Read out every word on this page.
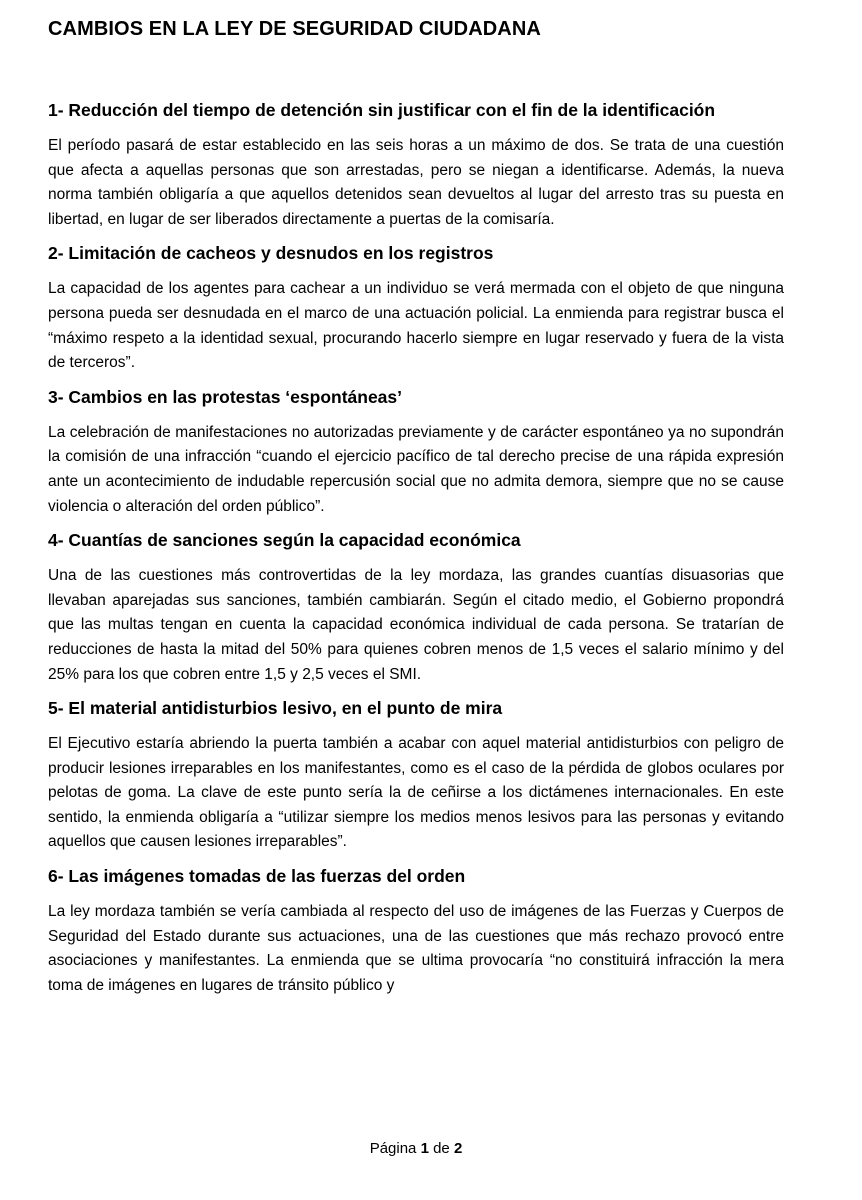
CAMBIOS EN LA LEY DE SEGURIDAD CIUDADANA
1- Reducción del tiempo de detención sin justificar con el fin de la identificación

El período pasará de estar establecido en las seis horas a un máximo de dos. Se trata de una cuestión que afecta a aquellas personas que son arrestadas, pero se niegan a identificarse. Además, la nueva norma también obligaría a que aquellos detenidos sean devueltos al lugar del arresto tras su puesta en libertad, en lugar de ser liberados directamente a puertas de la comisaría.

2- Limitación de cacheos y desnudos en los registros

La capacidad de los agentes para cachear a un individuo se verá mermada con el objeto de que ninguna persona pueda ser desnudada en el marco de una actuación policial. La enmienda para registrar busca el “máximo respeto a la identidad sexual, procurando hacerlo siempre en lugar reservado y fuera de la vista de terceros”.

3- Cambios en las protestas ‘espontáneas’

La celebración de manifestaciones no autorizadas previamente y de carácter espontáneo ya no supondrán la comisión de una infracción “cuando el ejercicio pacífico de tal derecho precise de una rápida expresión ante un acontecimiento de indudable repercusión social que no admita demora, siempre que no se cause violencia o alteración del orden público”.

4- Cuantías de sanciones según la capacidad económica

Una de las cuestiones más controvertidas de la ley mordaza, las grandes cuantías disuasorias que llevaban aparejadas sus sanciones, también cambiarán. Según el citado medio, el Gobierno propondrá que las multas tengan en cuenta la capacidad económica individual de cada persona. Se tratarían de reducciones de hasta la mitad del 50% para quienes cobren menos de 1,5 veces el salario mínimo y del 25% para los que cobren entre 1,5 y 2,5 veces el SMI.

5- El material antidisturbios lesivo, en el punto de mira

El Ejecutivo estaría abriendo la puerta también a acabar con aquel material antidisturbios con peligro de producir lesiones irreparables en los manifestantes, como es el caso de la pérdida de globos oculares por pelotas de goma. La clave de este punto sería la de ceñirse a los dictámenes internacionales. En este sentido, la enmienda obligaría a “utilizar siempre los medios menos lesivos para las personas y evitando aquellos que causen lesiones irreparables”.

6- Las imágenes tomadas de las fuerzas del orden

La ley mordaza también se vería cambiada al respecto del uso de imágenes de las Fuerzas y Cuerpos de Seguridad del Estado durante sus actuaciones, una de las cuestiones que más rechazo provocó entre asociaciones y manifestantes. La enmienda que se ultima provocaría “no constituirá infracción la mera toma de imágenes en lugares de tránsito público y

Página 1 de 2
